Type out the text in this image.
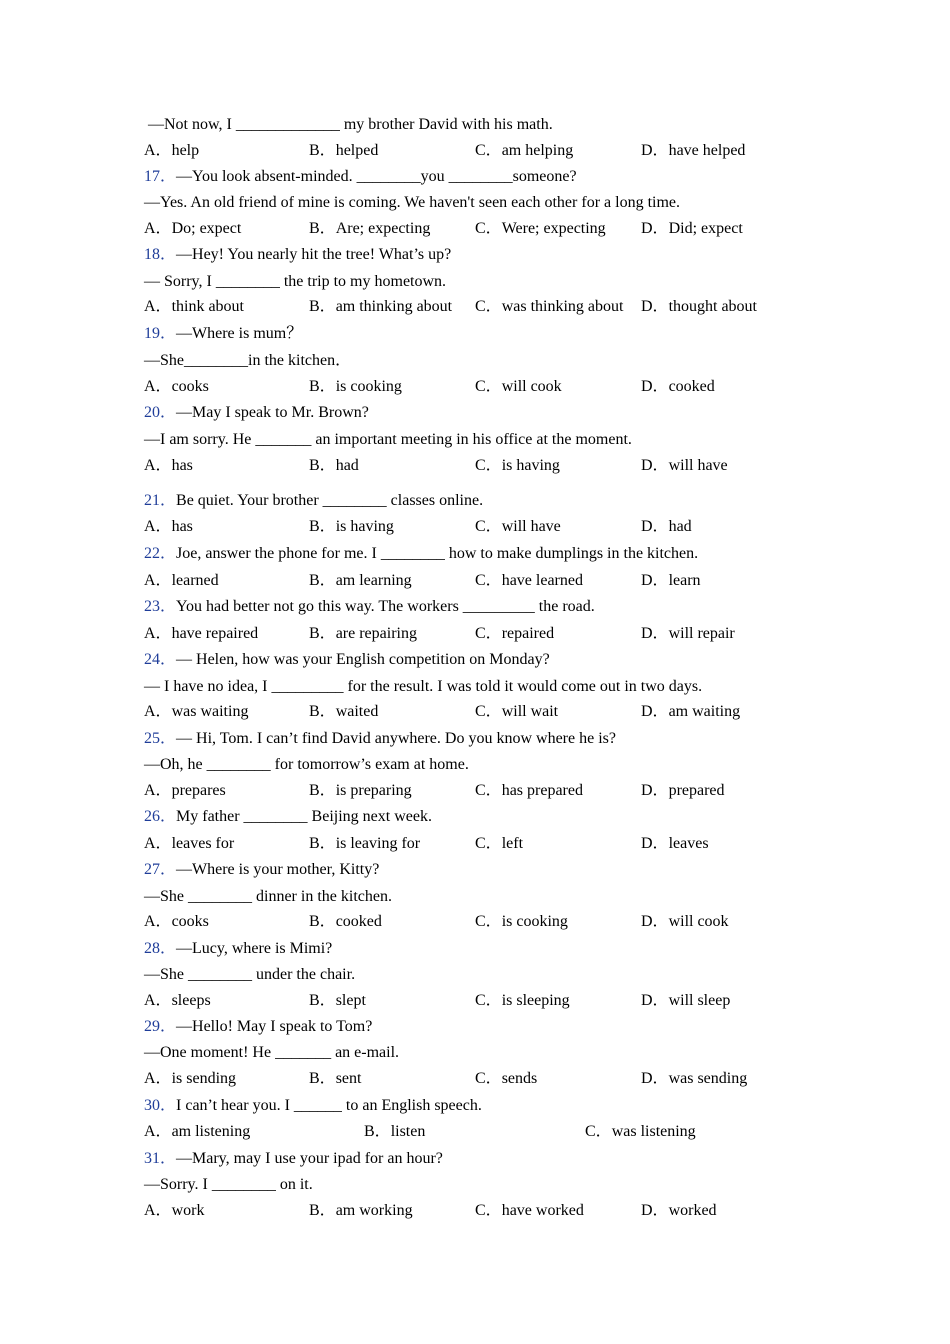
—Not now, I _____________ my brother David with his math.
A．help	B．helped	C．am helping	D．have helped
17．—You look absent-minded. ________you ________someone?
—Yes. An old friend of mine is coming. We haven't seen each other for a long time.
A．Do; expect	B．Are; expecting	C．Were; expecting D．Did; expect
18．—Hey! You nearly hit the tree! What’s up?
— Sorry, I ________ the trip to my hometown.
A．think about	B．am thinking about C．was thinking about D．thought about
19．—Where is mum？
—She________in the kitchen．
A．cooks	B．is cooking	C．will cook	D．cooked
20．—May I speak to Mr. Brown?
—I am sorry. He _______ an important meeting in his office at the moment.
A．has	B．had	C．is having	D．will have
21．Be quiet. Your brother ________ classes online.
A．has	B．is having	C．will have	D．had
22．Joe, answer the phone for me. I ________ how to make dumplings in the kitchen.
A．learned	B．am learning	C．have learned	D．learn
23．You had better not go this way. The workers _________ the road.
A．have repaired	B．are repairing	C．repaired	D．will repair
24．— Helen, how was your English competition on Monday?
— I have no idea, I _________ for the result. I was told it would come out in two days.
A．was waiting	B．waited	C．will wait	D．am waiting
25．— Hi, Tom. I can’t find David anywhere. Do you know where he is?
—Oh, he ________ for tomorrow’s exam at home.
A．prepares	B．is preparing	C．has prepared	D．prepared
26．My father ________ Beijing next week.
A．leaves for	B．is leaving for	C．left	D．leaves
27．—Where is your mother, Kitty?
—She ________ dinner in the kitchen.
A．cooks	B．cooked	C．is cooking	D．will cook
28．—Lucy, where is Mimi?
—She ________ under the chair.
A．sleeps	B．slept	C．is sleeping	D．will sleep
29．—Hello! May I speak to Tom?
—One moment! He _______ an e-mail.
A．is sending	B．sent	C．sends	D．was sending
30．I can’t hear you. I ______ to an English speech.
A．am listening	B．listen	C．was listening
31．—Mary, may I use your ipad for an hour?
—Sorry. I ________ on it.
A．work	B．am working	C．have worked	D．worked
